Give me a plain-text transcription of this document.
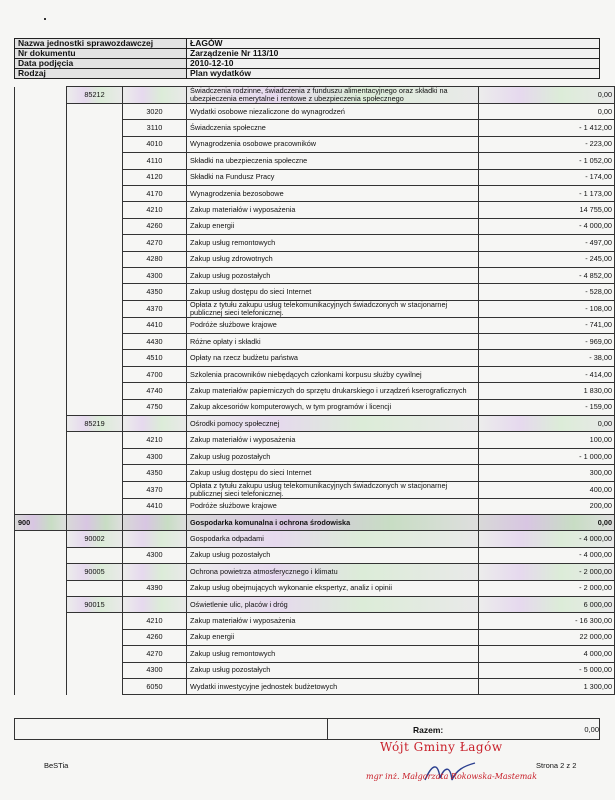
Nazwa jednostki sprawozdawczej	ŁAGÓW
Nr dokumentu	Zarządzenie Nr 113/10
Data podjęcia	2010-12-10
Rodzaj	Plan wydatków
	85212		Świadczenia rodzinne, świadczenia z funduszu alimentacyjnego oraz składki na ubezpieczenia emerytalne i rentowe z ubezpieczenia społecznego	0,00
		3020	Wydatki osobowe niezaliczone do wynagrodzeń	0,00
		3110	Świadczenia społeczne	- 1 412,00
		4010	Wynagrodzenia osobowe pracowników	- 223,00
		4110	Składki na ubezpieczenia społeczne	- 1 052,00
		4120	Składki na Fundusz Pracy	- 174,00
		4170	Wynagrodzenia bezosobowe	- 1 173,00
		4210	Zakup materiałów i wyposażenia	14 755,00
		4260	Zakup energii	- 4 000,00
		4270	Zakup usług remontowych	- 497,00
		4280	Zakup usług zdrowotnych	- 245,00
		4300	Zakup usług pozostałych	- 4 852,00
		4350	Zakup usług dostępu do sieci Internet	- 528,00
		4370	Opłata z tytułu zakupu usług telekomunikacyjnych świadczonych w stacjonarnej publicznej sieci telefonicznej.	- 108,00
		4410	Podróże służbowe krajowe	- 741,00
		4430	Różne opłaty i składki	- 969,00
		4510	Opłaty na rzecz budżetu państwa	- 38,00
		4700	Szkolenia pracowników niebędących członkami korpusu służby cywilnej	- 414,00
		4740	Zakup materiałów papierniczych do sprzętu drukarskiego i urządzeń kserograficznych	1 830,00
		4750	Zakup akcesoriów komputerowych, w tym programów i licencji	- 159,00
	85219		Ośrodki pomocy społecznej	0,00
		4210	Zakup materiałów i wyposażenia	100,00
		4300	Zakup usług pozostałych	- 1 000,00
		4350	Zakup usług dostępu do sieci Internet	300,00
		4370	Opłata z tytułu zakupu usług telekomunikacyjnych świadczonych w stacjonarnej publicznej sieci telefonicznej.	400,00
		4410	Podróże służbowe krajowe	200,00
900			Gospodarka komunalna i ochrona środowiska	0,00
	90002		Gospodarka odpadami	- 4 000,00
		4300	Zakup usług pozostałych	- 4 000,00
	90005		Ochrona powietrza atmosferycznego i klimatu	- 2 000,00
		4390	Zakup usług obejmujących wykonanie ekspertyz, analiz i opinii	- 2 000,00
	90015		Oświetlenie ulic, placów i dróg	6 000,00
		4210	Zakup materiałów i wyposażenia	- 16 300,00
		4260	Zakup energii	22 000,00
		4270	Zakup usług remontowych	4 000,00
		4300	Zakup usług pozostałych	- 5 000,00
		6050	Wydatki inwestycyjne jednostek budżetowych	1 300,00
Razem:	0,00
Wójt Gminy Łagów
mgr inż. Małgorzata Rokowska-Mastemak
BeSTia	Strona 2 z 2
